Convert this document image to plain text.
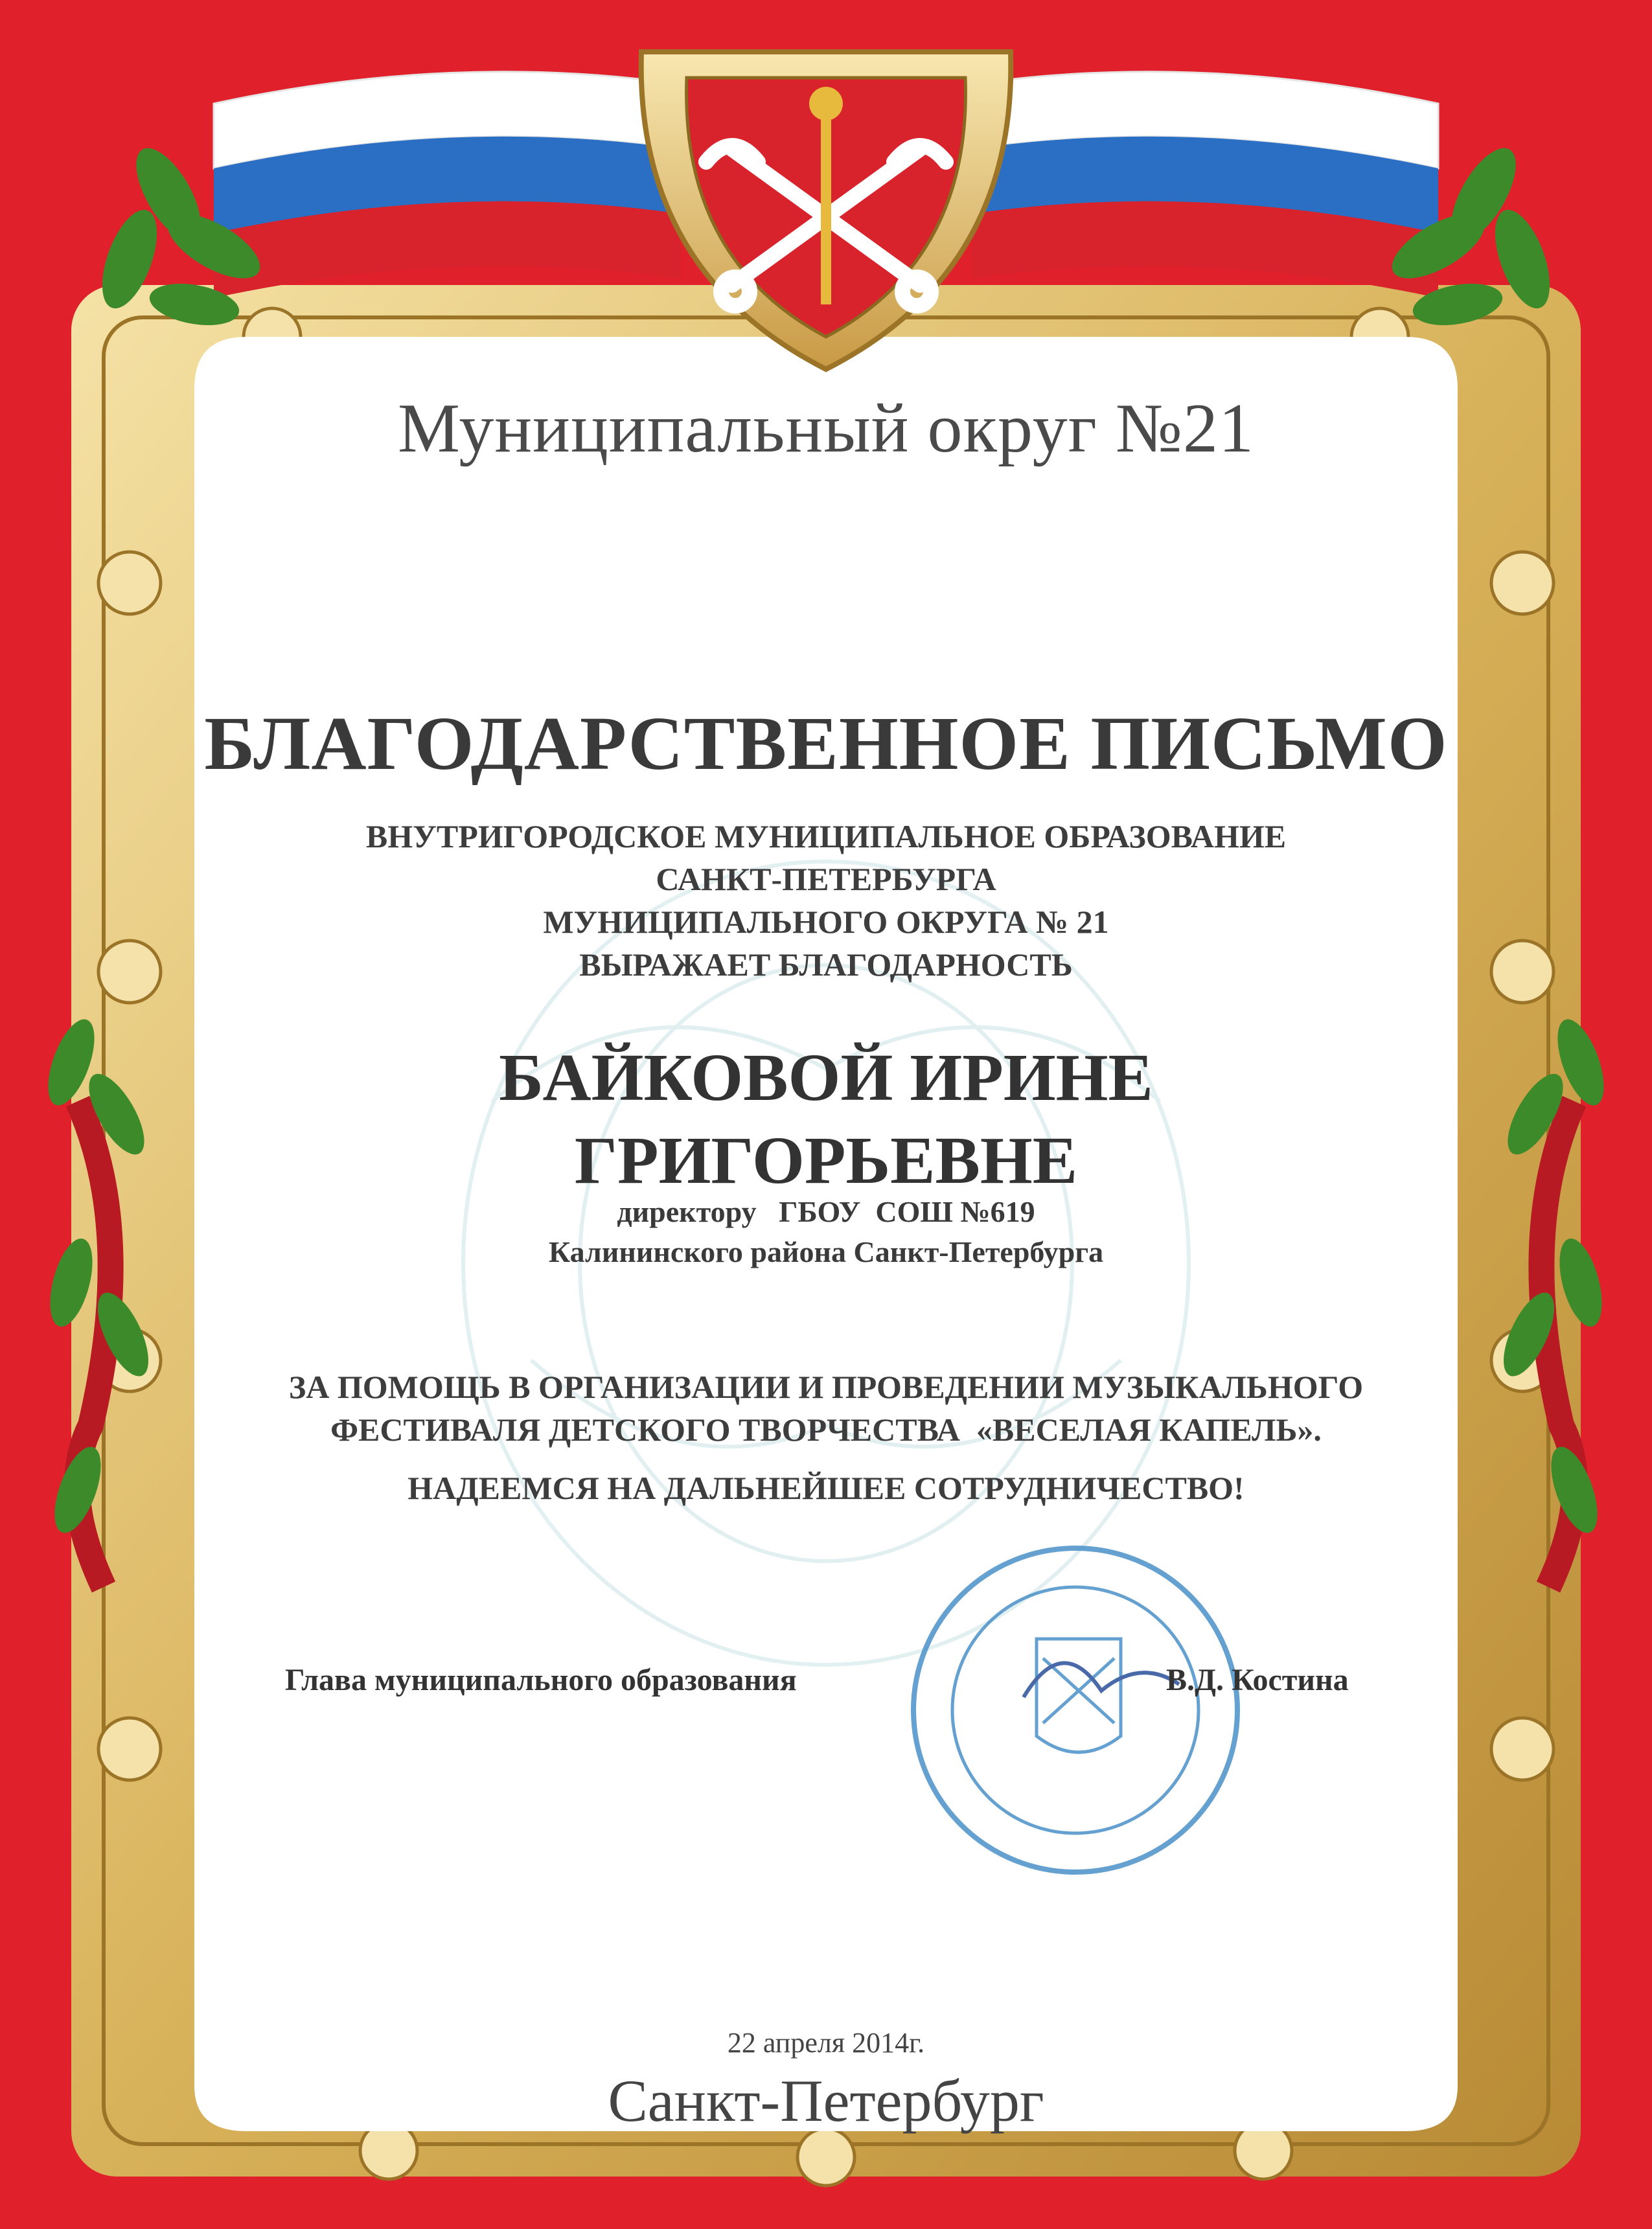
Муниципальный округ №21

БЛАГОДАРСТВЕННОЕ ПИСЬМО

ВНУТРИГОРОДСКОЕ МУНИЦИПАЛЬНОЕ ОБРАЗОВАНИЕ
САНКТ-ПЕТЕРБУРГА
МУНИЦИПАЛЬНОГО ОКРУГА № 21
ВЫРАЖАЕТ БЛАГОДАРНОСТЬ
БАЙКОВОЙ ИРИНЕ
ГРИГОРЬЕВНЕ
директору   ГБОУ  СОШ №619
Калининского района Санкт-Петербурга
ЗА ПОМОЩЬ В ОРГАНИЗАЦИИ И ПРОВЕДЕНИИ МУЗЫКАЛЬНОГО
ФЕСТИВАЛЯ ДЕТСКОГО ТВОРЧЕСТВА  «ВЕСЕЛАЯ КАПЕЛЬ».

НАДЕЕМСЯ НА ДАЛЬНЕЙШЕЕ СОТРУДНИЧЕСТВО!

Глава муниципального образования	В.Д. Костина

22 апреля 2014г.

Санкт-Петербург
